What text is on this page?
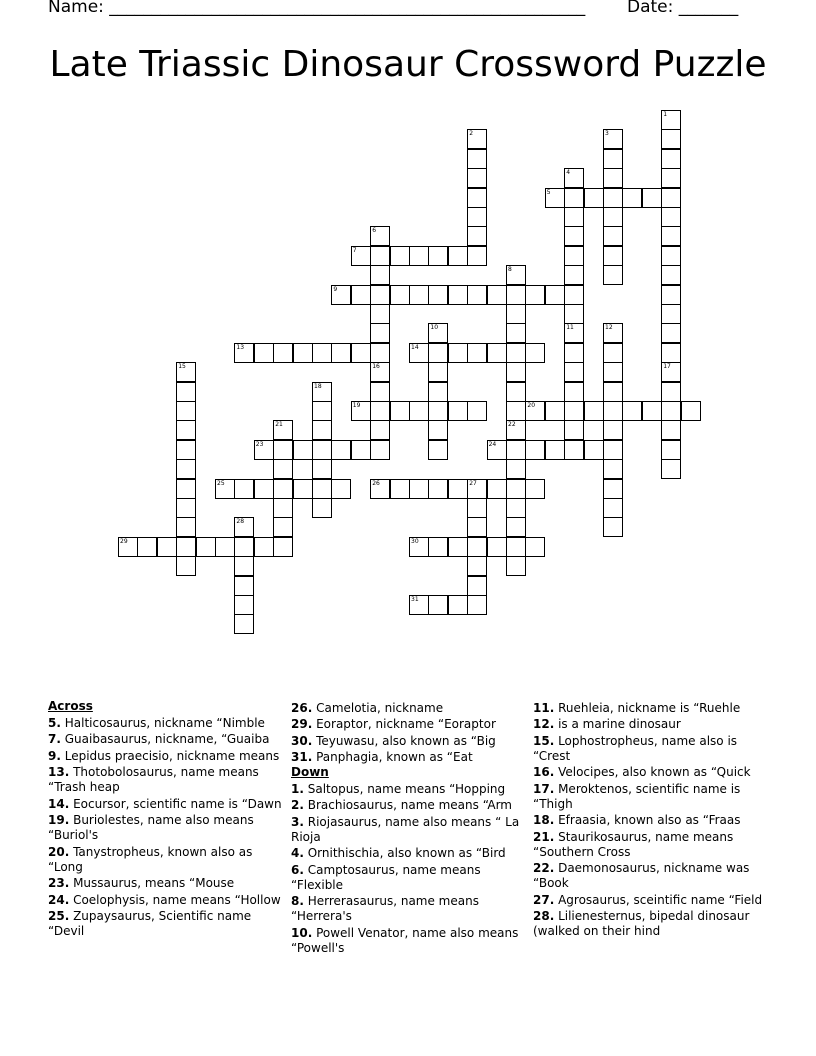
Name: ________________________________________________________ Date: _______
Late Triassic Dinosaur Crossword Puzzle
5
7
9
13	14
19	20
23	24
25	26	27
29	30
31
1
17
2	3
4
11
6
16
8
10	12
15
18
21	22
28
Across
5. Halticosaurus, nickname “Nimble
7. Guaibasaurus, nickname, “Guaiba
9. Lepidus praecisio, nickname means
13. Thotobolosaurus, name means “Trash heap
14. Eocursor, scientific name is “Dawn
19. Buriolestes, name also means “Buriol's
20. Tanystropheus, known also as “Long
23. Mussaurus, means “Mouse
24. Coelophysis, name means “Hollow
25. Zupaysaurus, Scientific name “Devil
26. Camelotia, nickname
29. Eoraptor, nickname “Eoraptor
30. Teyuwasu, also known as “Big
31. Panphagia, known as “Eat
Down
1. Saltopus, name means “Hopping
2. Brachiosaurus, name means “Arm
3. Riojasaurus, name also means “ La Rioja
4. Ornithischia, also known as “Bird
6. Camptosaurus, name means “Flexible
8. Herrerasaurus, name means “Herrera's
10. Powell Venator, name also means “Powell's
11. Ruehleia, nickname is “Ruehle
12. is a marine dinosaur
15. Lophostropheus, name also is “Crest
16. Velocipes, also known as “Quick
17. Meroktenos, scientific name is “Thigh
18. Efraasia, known also as “Fraas
21. Staurikosaurus, name means “Southern Cross
22. Daemonosaurus, nickname was “Book
27. Agrosaurus, sceintific name “Field
28. Lilienesternus, bipedal dinosaur (walked on their hind
